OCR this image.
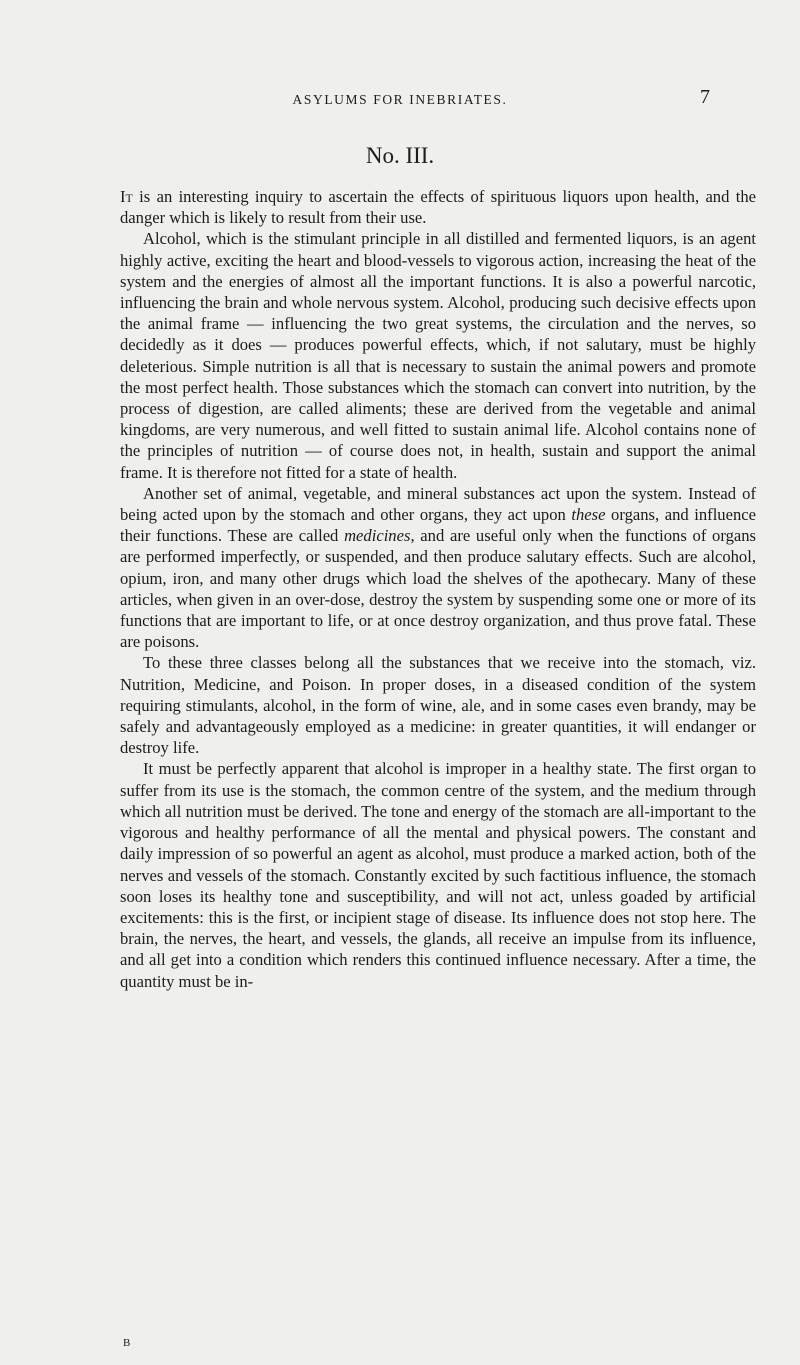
ASYLUMS FOR INEBRIATES.	7
No. III.

It is an interesting inquiry to ascertain the effects of spirituous liquors upon health, and the danger which is likely to result from their use.

Alcohol, which is the stimulant principle in all distilled and fermented liquors, is an agent highly active, exciting the heart and blood-vessels to vigorous action, increasing the heat of the system and the energies of almost all the important functions. It is also a powerful narcotic, influencing the brain and whole nervous system. Alcohol, producing such decisive effects upon the animal frame — influencing the two great systems, the circulation and the nerves, so decidedly as it does — produces powerful effects, which, if not salutary, must be highly deleterious. Simple nutrition is all that is necessary to sustain the animal powers and promote the most perfect health. Those substances which the stomach can convert into nutrition, by the process of digestion, are called aliments; these are derived from the vegetable and animal kingdoms, are very numerous, and well fitted to sustain animal life. Alcohol contains none of the principles of nutrition — of course does not, in health, sustain and support the animal frame. It is therefore not fitted for a state of health.

Another set of animal, vegetable, and mineral substances act upon the system. Instead of being acted upon by the stomach and other organs, they act upon these organs, and influence their functions. These are called medicines, and are useful only when the functions of organs are performed imperfectly, or suspended, and then produce salutary effects. Such are alcohol, opium, iron, and many other drugs which load the shelves of the apothecary. Many of these articles, when given in an over-dose, destroy the system by suspending some one or more of its functions that are important to life, or at once destroy organization, and thus prove fatal. These are poisons.

To these three classes belong all the substances that we receive into the stomach, viz. Nutrition, Medicine, and Poison. In proper doses, in a diseased condition of the system requiring stimulants, alcohol, in the form of wine, ale, and in some cases even brandy, may be safely and advantageously employed as a medicine: in greater quantities, it will endanger or destroy life.

It must be perfectly apparent that alcohol is improper in a healthy state. The first organ to suffer from its use is the stomach, the common centre of the system, and the medium through which all nutrition must be derived. The tone and energy of the stomach are all-important to the vigorous and healthy performance of all the mental and physical powers. The constant and daily impression of so powerful an agent as alcohol, must produce a marked action, both of the nerves and vessels of the stomach. Constantly excited by such factitious influence, the stomach soon loses its healthy tone and susceptibility, and will not act, unless goaded by artificial excitements: this is the first, or incipient stage of disease. Its influence does not stop here. The brain, the nerves, the heart, and vessels, the glands, all receive an impulse from its influence, and all get into a condition which renders this continued influence necessary. After a time, the quantity must be in-

B
